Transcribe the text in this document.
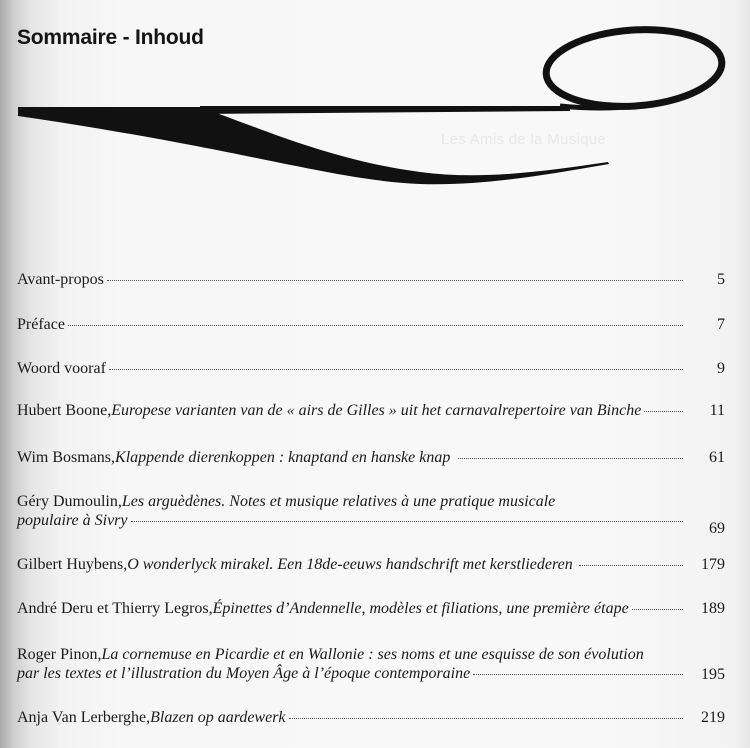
Sommaire - Inhoud
Les Amis de la Musique
Avant-propos	5
Préface	7
Woord vooraf	9
Hubert Boone, Europese varianten van de « airs de Gilles » uit het carnavalrepertoire van Binche	11
Wim Bosmans, Klappende dierenkoppen : knaptand en hanske knap	61
Géry Dumoulin, Les arguèdènes. Notes et musique relatives à une pratique musicale
populaire à Sivry	69
Gilbert Huybens, O wonderlyck mirakel. Een 18de-eeuws handschrift met kerstliederen	179
André Deru et Thierry Legros, Épinettes d’Andennelle, modèles et filiations, une première étape	189
Roger Pinon, La cornemuse en Picardie et en Wallonie : ses noms et une esquisse de son évolution
par les textes et l’illustration du Moyen Âge à l’époque contemporaine	195
Anja Van Lerberghe, Blazen op aardewerk	219
